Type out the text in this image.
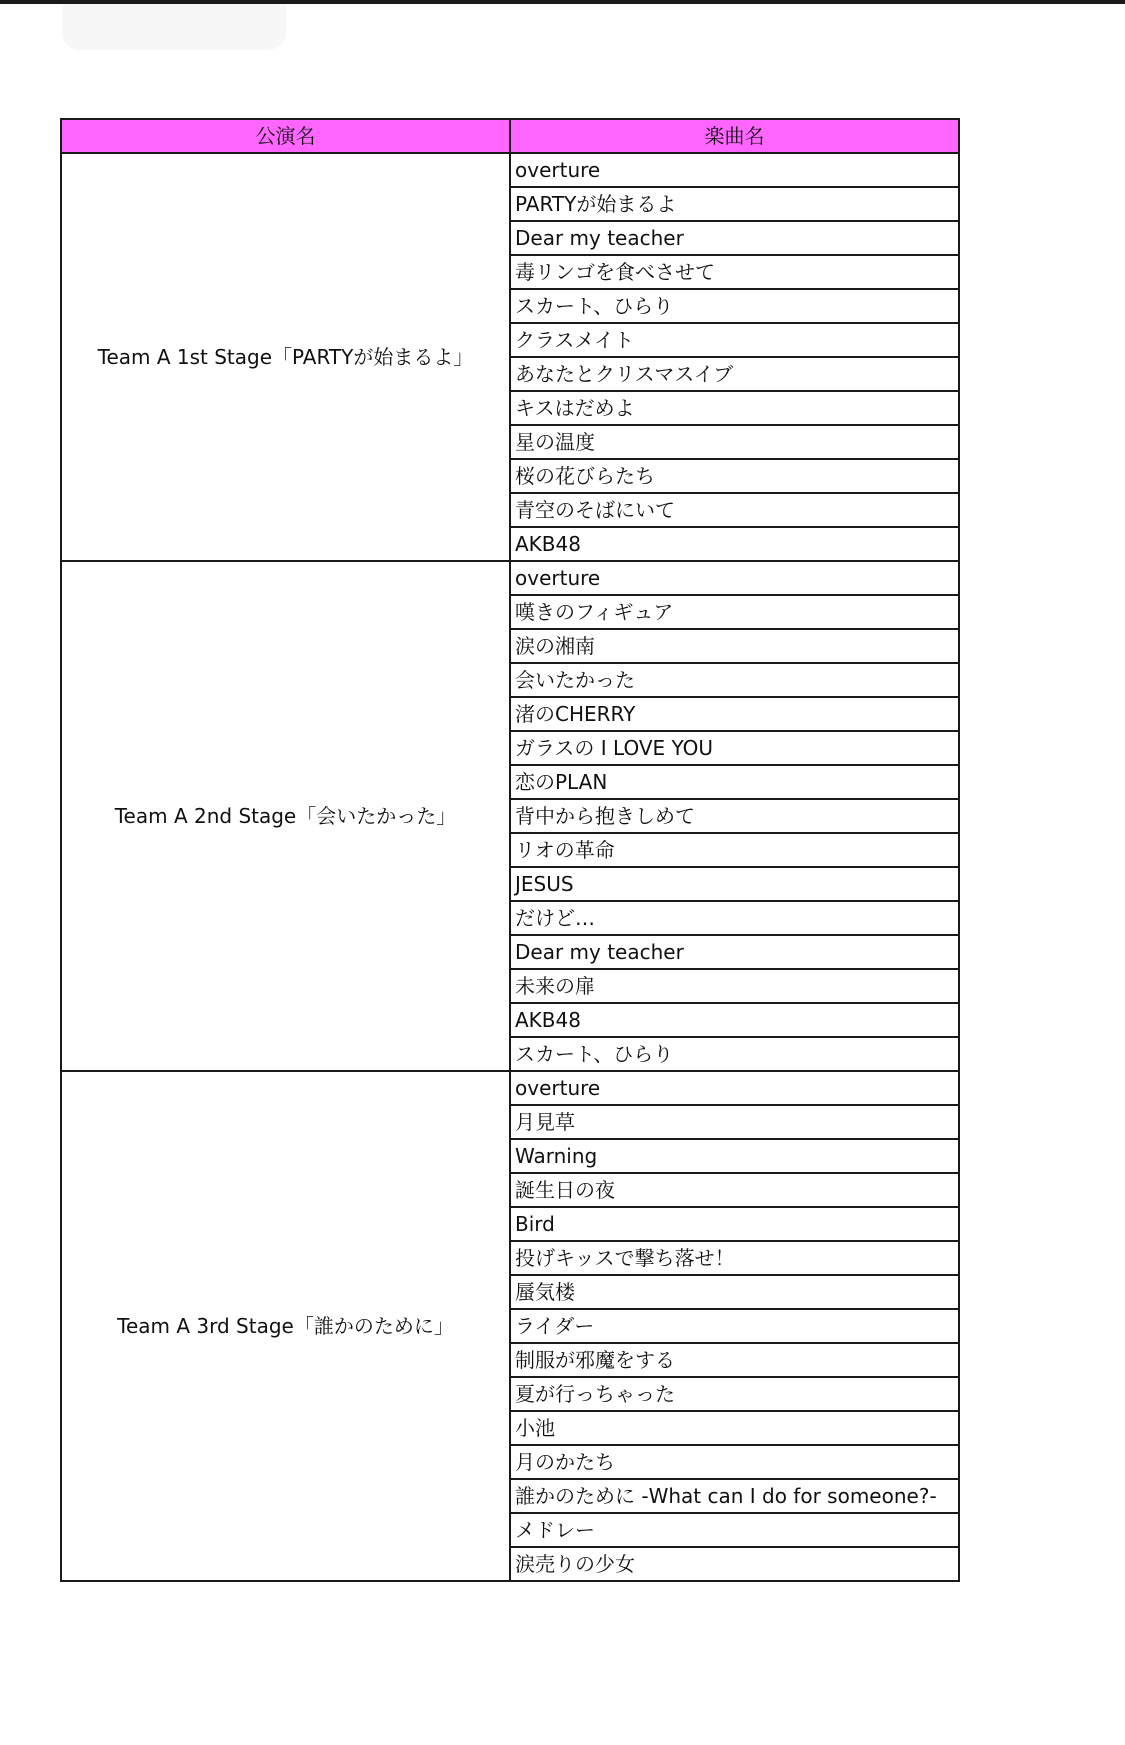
公演名	楽曲名
Team A 1st Stage「PARTYが始まるよ」	overture
	PARTYが始まるよ
	Dear my teacher
	毒リンゴを食べさせて
	スカート、ひらり
	クラスメイト
	あなたとクリスマスイブ
	キスはだめよ
	星の温度
	桜の花びらたち
	青空のそばにいて
	AKB48
Team A 2nd Stage「会いたかった」	overture
	嘆きのフィギュア
	涙の湘南
	会いたかった
	渚のCHERRY
	ガラスの I LOVE YOU
	恋のPLAN
	背中から抱きしめて
	リオの革命
	JESUS
	だけど…
	Dear my teacher
	未来の扉
	AKB48
	スカート、ひらり
Team A 3rd Stage「誰かのために」	overture
	月見草
	Warning
	誕生日の夜
	Bird
	投げキッスで撃ち落せ！
	蜃気楼
	ライダー
	制服が邪魔をする
	夏が行っちゃった
	小池
	月のかたち
	誰かのために -What can I do for someone?-
	メドレー
	涙売りの少女
